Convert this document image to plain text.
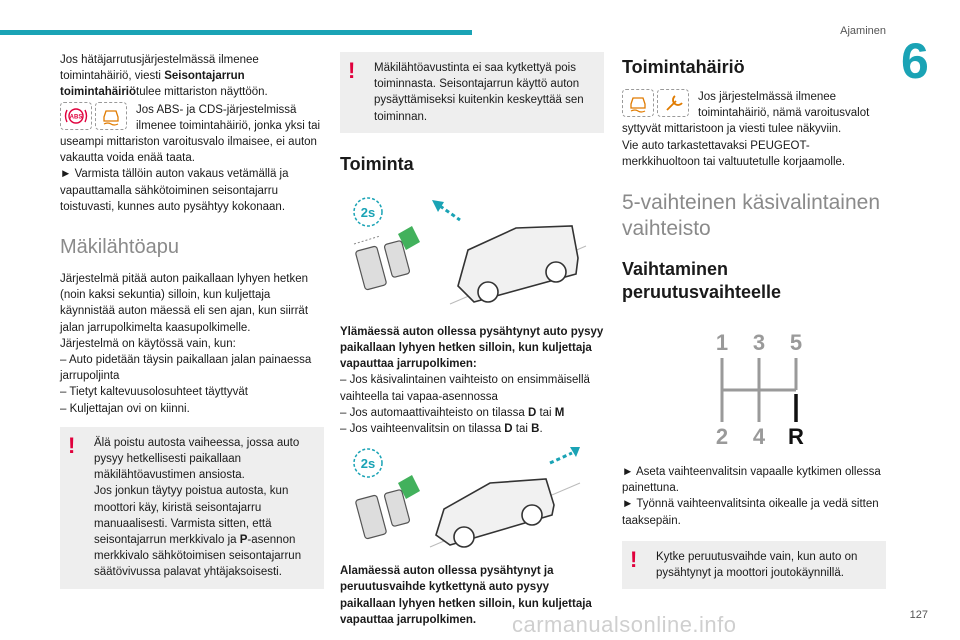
Ajaminen
6
127
carmanualsonline.info

Jos hätäjarrutusjärjestelmässä ilmenee toimintahäiriö, viesti Seisontajarrun toimintahäiriötulee mittariston näyttöön.

ABS

Jos ABS- ja CDS-järjestelmissä ilmenee toimintahäiriö, jonka yksi tai useampi mittariston varoitusvalo ilmaisee, ei auton vakautta voida enää taata.

► Varmista tällöin auton vakaus vetämällä ja vapauttamalla sähkötoiminen seisontajarru toistuvasti, kunnes auto pysähtyy kokonaan.

Mäkilähtöapu

Järjestelmä pitää auton paikallaan lyhyen hetken (noin kaksi sekuntia) silloin, kun kuljettaja käynnistää auton mäessä eli sen ajan, kun siirrät jalan jarrupolkimelta kaasupolkimelle.

Järjestelmä on käytössä vain, kun:

– Auto pidetään täysin paikallaan jalan painaessa jarrupoljinta

– Tietyt kaltevuusolosuhteet täyttyvät

– Kuljettajan ovi on kiinni.

! Älä poistu autosta vaiheessa, jossa auto pysyy hetkellisesti paikallaan mäkilähtöavustimen ansiosta.

Jos jonkun täytyy poistua autosta, kun moottori käy, kiristä seisontajarru manuaalisesti. Varmista sitten, että seisontajarrun merkkivalo ja P-asennon merkkivalo sähkötoimisen seisontajarrun säätövivussa palavat yhtäjaksoisesti.

! Mäkilähtöavustinta ei saa kytkettyä pois toiminnasta. Seisontajarrun käyttö auton pysäyttämiseksi kuitenkin keskeyttää sen toiminnan.

Toiminta
2s

Ylämäessä auton ollessa pysähtynyt auto pysyy paikallaan lyhyen hetken silloin, kun kuljettaja vapauttaa jarrupolkimen:

– Jos käsivalintainen vaihteisto on ensimmäisellä vaihteella tai vapaa-asennossa

– Jos automaattivaihteisto on tilassa D tai M

– Jos vaihteenvalitsin on tilassa D tai B.

2s

Alamäessä auton ollessa pysähtynyt ja peruutusvaihde kytkettynä auto pysyy paikallaan lyhyen hetken silloin, kun kuljettaja vapauttaa jarrupolkimen.

Toimintahäiriö

Jos järjestelmässä ilmenee toimintahäiriö, nämä varoitusvalot syttyvät mittaristoon ja viesti tulee näkyviin.

Vie auto tarkastettavaksi PEUGEOT-merkkihuoltoon tai valtuutetulle korjaamolle.

5-vaihteinen käsivalintainen vaihteisto
Vaihtaminen peruutusvaihteelle
1 3 5
2 4 R

► Aseta vaihteenvalitsin vapaalle kytkimen ollessa painettuna.

► Työnnä vaihteenvalitsinta oikealle ja vedä sitten taaksepäin.

! Kytke peruutusvaihde vain, kun auto on pysähtynyt ja moottori joutokäynnillä.
